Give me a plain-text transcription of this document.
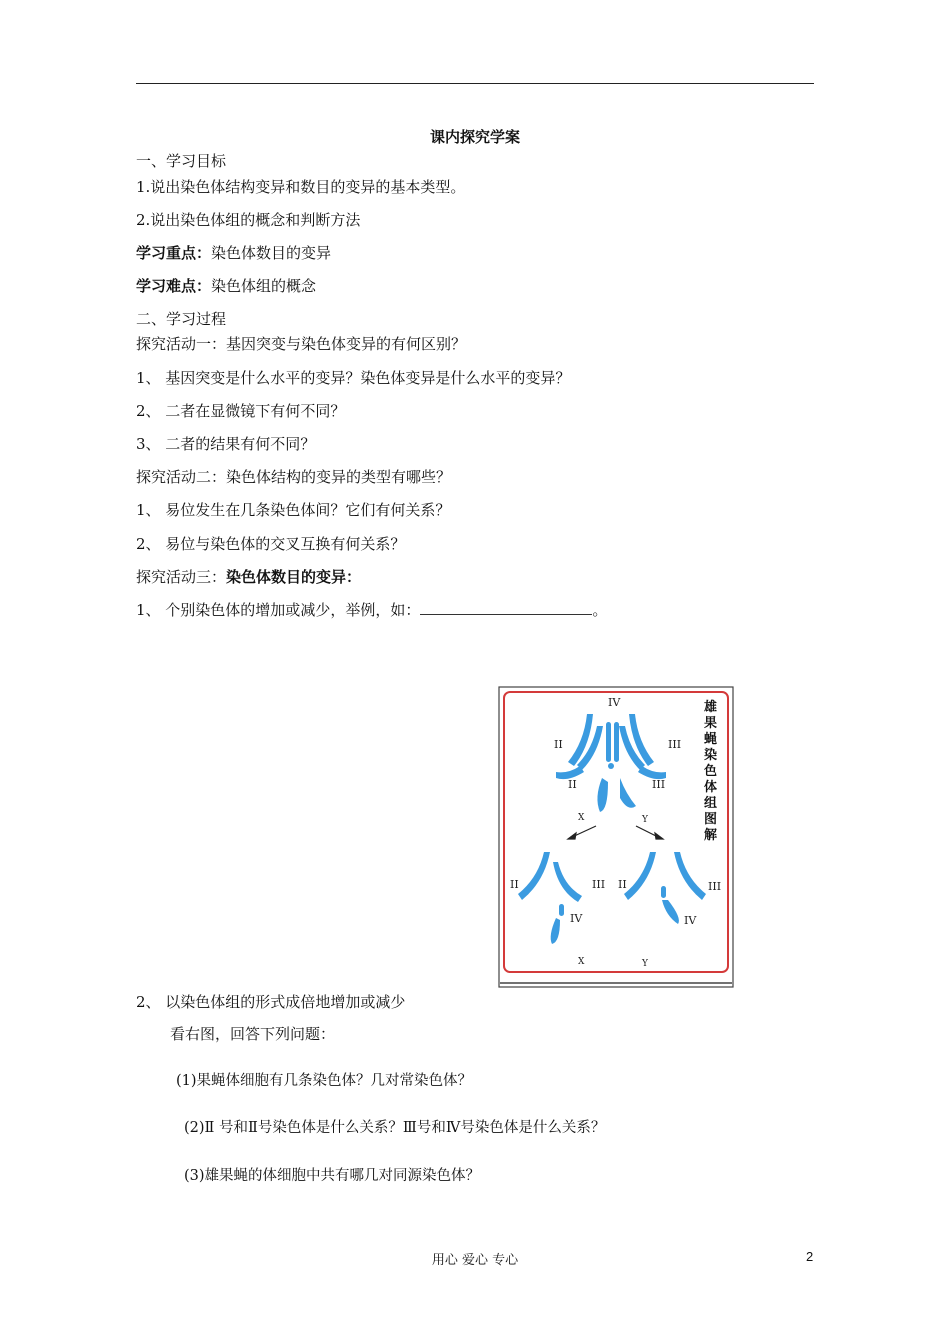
课内探究学案
一、学习目标
1.说出染色体结构变异和数目的变异的基本类型。
2.说出染色体组的概念和判断方法
学习重点：染色体数目的变异
学习难点：染色体组的概念
二、学习过程
探究活动一：基因突变与染色体变异的有何区别？
1、 基因突变是什么水平的变异？染色体变异是什么水平的变异？
2、 二者在显微镜下有何不同？
3、 二者的结果有何不同？
探究活动二：染色体结构的变异的类型有哪些？
1、 易位发生在几条染色体间？它们有何关系？
2、 易位与染色体的交叉互换有何关系？
探究活动三：染色体数目的变异：
1、 个别染色体的增加或减少，举例，如：	。
2、 以染色体组的形式成倍地增加或减少
看右图，回答下列问题：
(1)果蝇体细胞有几条染色体？几对常染色体？
(2)Ⅱ 号和Ⅱ号染色体是什么关系？Ⅲ号和Ⅳ号染色体是什么关系？
(3)雄果蝇的体细胞中共有哪几对同源染色体？
IV
II	III
II	III
X	Y
II	III
IV
II	III
IV
X	Y
雄果蝇染色体组图解
用心 爱心 专心	2
